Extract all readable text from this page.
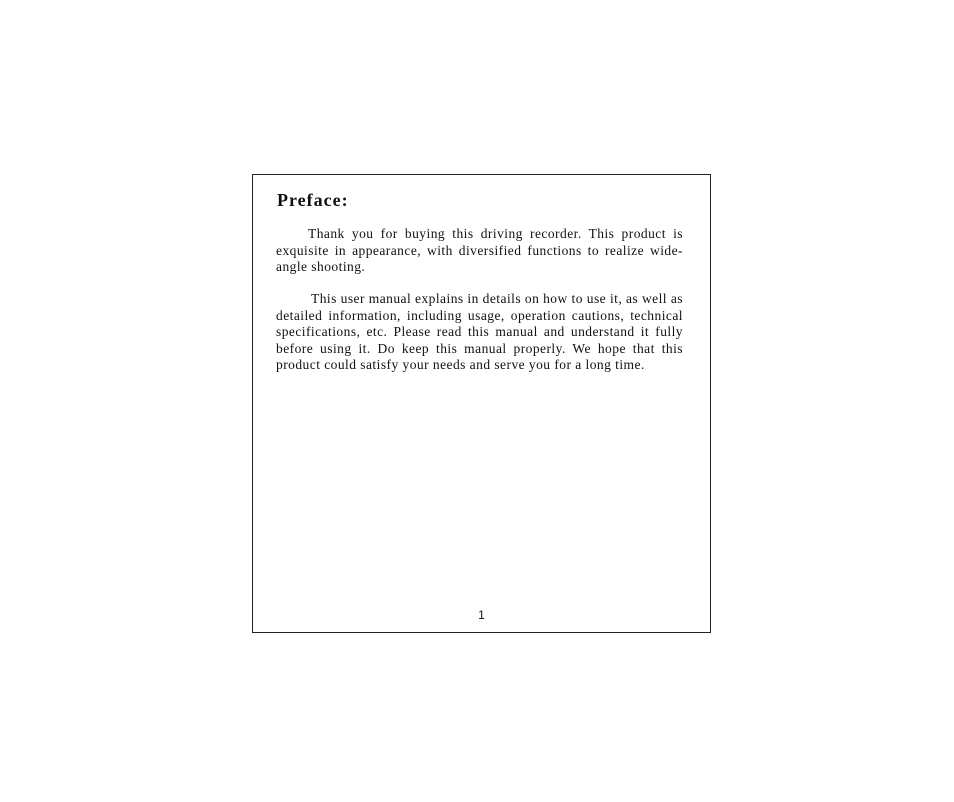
Preface:

Thank you for buying this driving recorder. This product is exquisite in appearance, with diversified functions to realize wide-angle shooting.

This user manual explains in details on how to use it, as well as detailed information, including usage, operation cautions, technical specifications, etc. Please read this manual and understand it fully before using it. Do keep this manual properly. We hope that this product could satisfy your needs and serve you for a long time.

1
